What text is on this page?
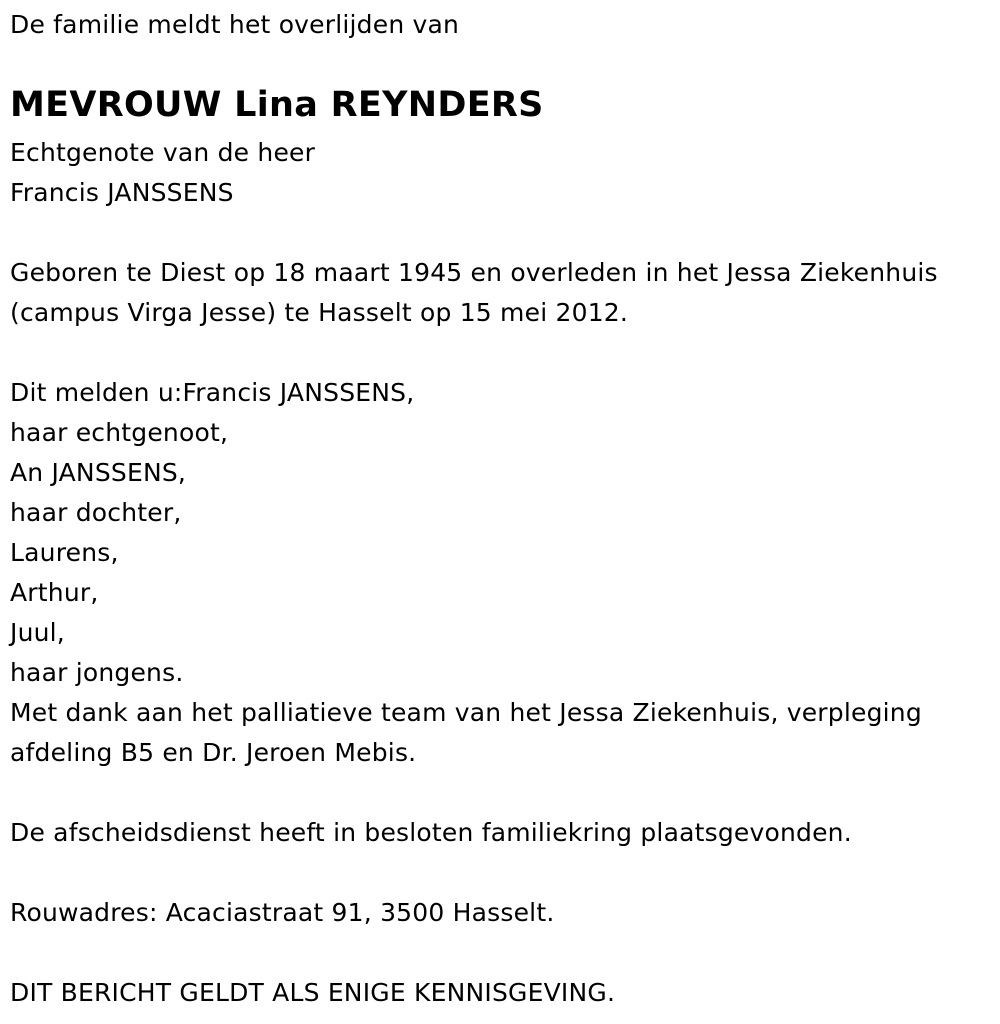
De familie meldt het overlijden van
MEVROUW Lina REYNDERS
Echtgenote van de heer
Francis JANSSENS
Geboren te Diest op 18 maart 1945 en overleden in het Jessa Ziekenhuis
(campus Virga Jesse) te Hasselt op 15 mei 2012.
Dit melden u:Francis JANSSENS,
haar echtgenoot,
An JANSSENS,
haar dochter,
Laurens,
Arthur,
Juul,
haar jongens.
Met dank aan het palliatieve team van het Jessa Ziekenhuis, verpleging
afdeling B5 en Dr. Jeroen Mebis.
De afscheidsdienst heeft in besloten familiekring plaatsgevonden.
Rouwadres: Acaciastraat 91, 3500 Hasselt.
DIT BERICHT GELDT ALS ENIGE KENNISGEVING.
